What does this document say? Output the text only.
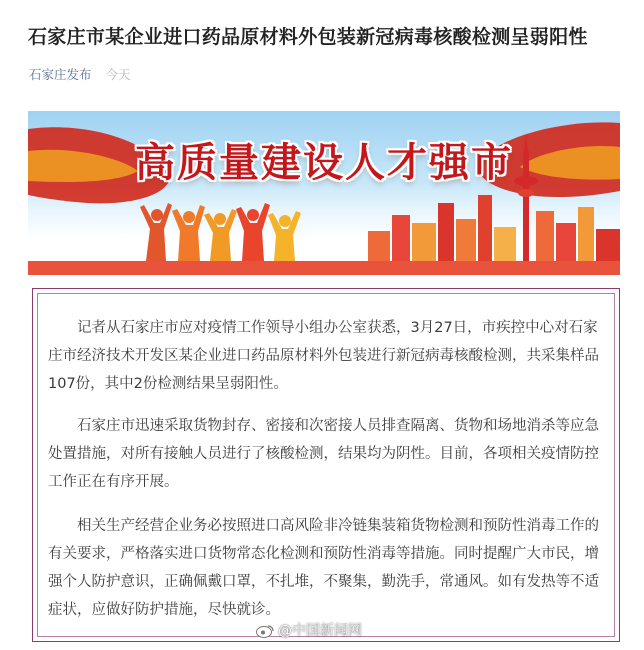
石家庄市某企业进口药品原材料外包装新冠病毒核酸检测呈弱阳性
石家庄发布 今天
高质量建设人才强市

记者从石家庄市应对疫情工作领导小组办公室获悉，3月27日，市疾控中心对石家庄市经济技术开发区某企业进口药品原材料外包装进行新冠病毒核酸检测，共采集样品107份，其中2份检测结果呈弱阳性。

石家庄市迅速采取货物封存、密接和次密接人员排查隔离、货物和场地消杀等应急处置措施，对所有接触人员进行了核酸检测，结果均为阴性。目前，各项相关疫情防控工作正在有序开展。

相关生产经营企业务必按照进口高风险非冷链集装箱货物检测和预防性消毒工作的有关要求，严格落实进口货物常态化检测和预防性消毒等措施。同时提醒广大市民，增强个人防护意识，正确佩戴口罩，不扎堆，不聚集，勤洗手，常通风。如有发热等不适症状，应做好防护措施，尽快就诊。

@中国新闻网
